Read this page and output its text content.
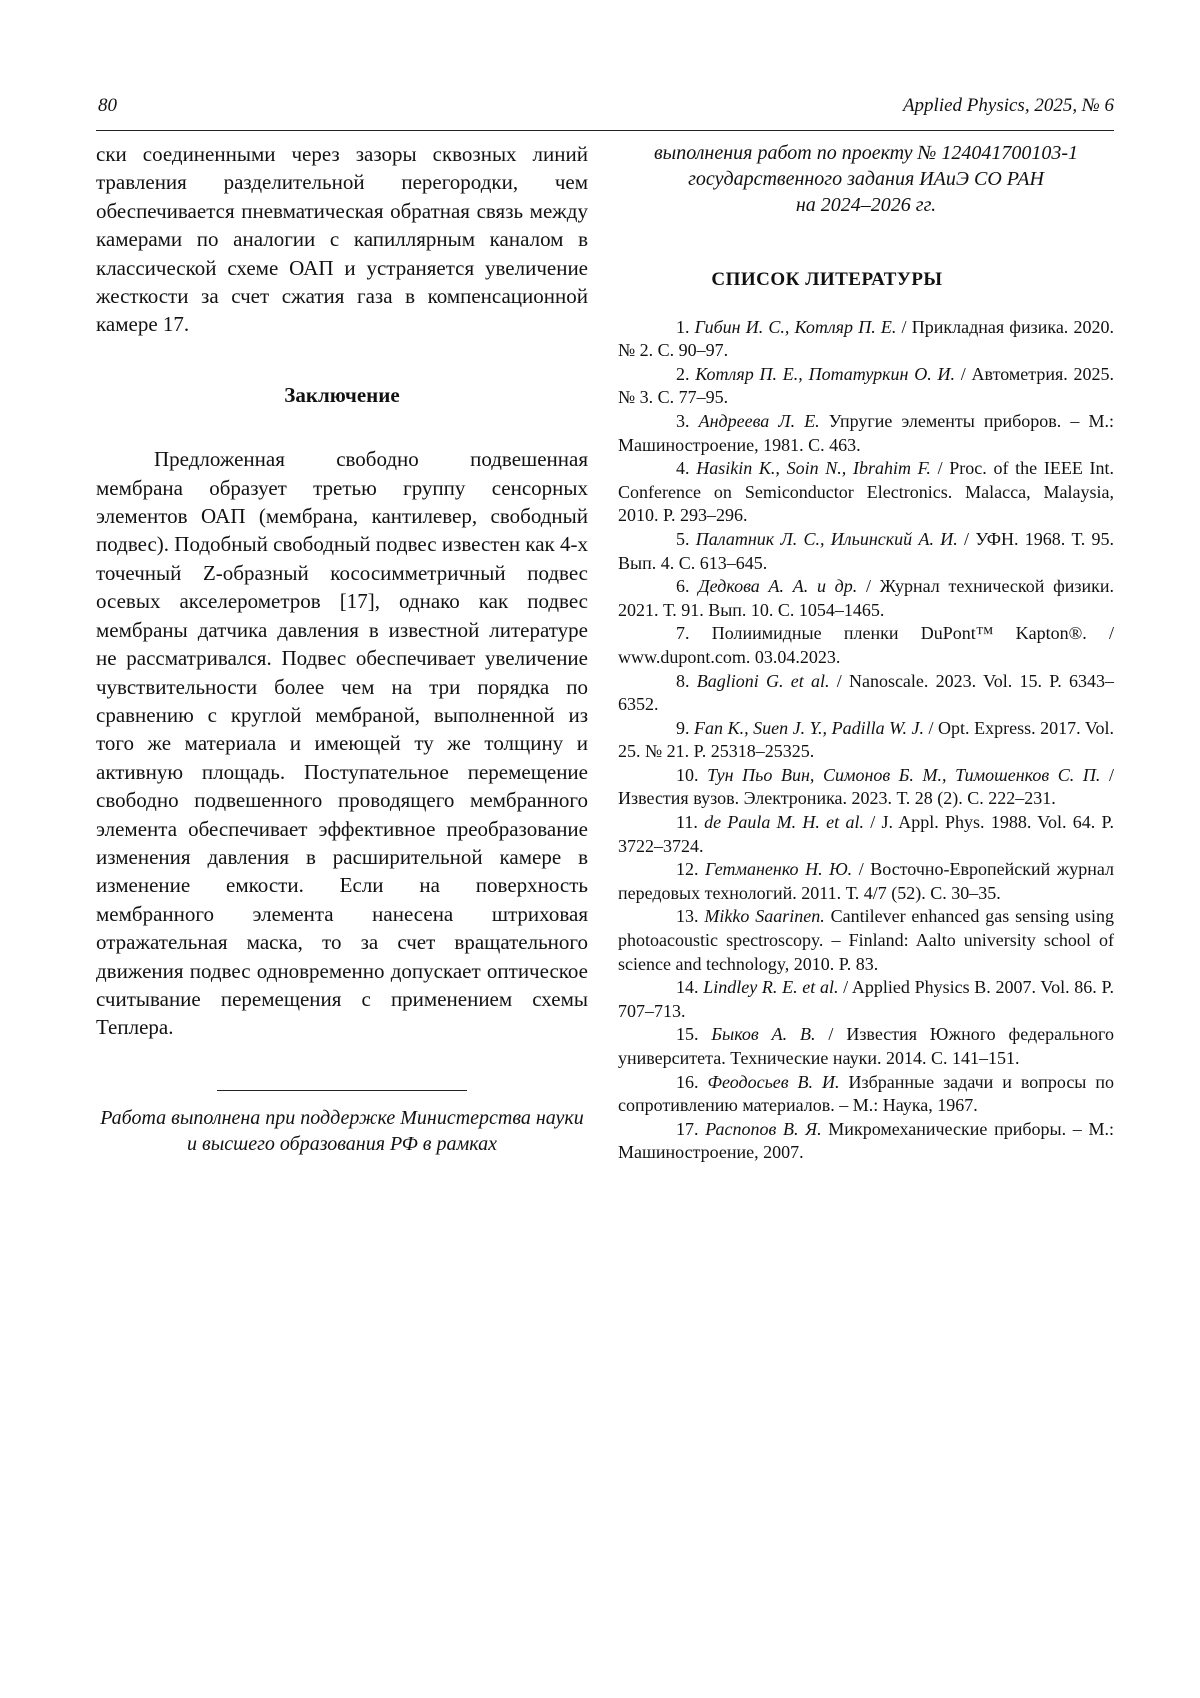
80	Applied Physics, 2025, № 6

ски соединенными через зазоры сквозных линий травления разделительной перегородки, чем обеспечивается пневматическая обратная связь между камерами по аналогии с капиллярным каналом в классической схеме ОАП и устраняется увеличение жесткости за счет сжатия газа в компенсационной камере 17.

Заключение

Предложенная свободно подвешенная мембрана образует третью группу сенсорных элементов ОАП (мембрана, кантилевер, свободный подвес). Подобный свободный подвес известен как 4-х точечный Z-образный кососимметричный подвес осевых акселерометров [17], однако как подвес мембраны датчика давления в известной литературе не рассматривался. Подвес обеспечивает увеличение чувствительности более чем на три порядка по сравнению с круглой мембраной, выполненной из того же материала и имеющей ту же толщину и активную площадь. Поступательное перемещение свободно подвешенного проводящего мембранного элемента обеспечивает эффективное преобразование изменения давления в расширительной камере в изменение емкости. Если на поверхность мембранного элемента нанесена штриховая отражательная маска, то за счет вращательного движения подвес одновременно допускает оптическое считывание перемещения с применением схемы Теплера.

Работа выполнена при поддержке Министерства науки и высшего образования РФ в рамках

выполнения работ по проекту № 124041700103-1
государственного задания ИАиЭ СО РАН
на 2024–2026 гг.
СПИСОК ЛИТЕРАТУРЫ

1. Гибин И. С., Котляр П. Е. / Прикладная физика. 2020. № 2. С. 90–97.

2. Котляр П. Е., Потатуркин О. И. / Автометрия. 2025. № 3. С. 77–95.

3. Андреева Л. Е. Упругие элементы приборов. – М.: Машиностроение, 1981. С. 463.

4. Hasikin K., Soin N., Ibrahim F. / Proc. of the IEEE Int. Conference on Semiconductor Electronics. Malacca, Malaysia, 2010. P. 293–296.

5. Палатник Л. С., Ильинский А. И. / УФН. 1968. Т. 95. Вып. 4. С. 613–645.

6. Дедкова А. А. и др. / Журнал технической физики. 2021. Т. 91. Вып. 10. С. 1054–1465.

7. Полиимидные пленки DuPont™ Kapton®. / www.dupont.com. 03.04.2023.

8. Baglioni G. et al. / Nanoscale. 2023. Vol. 15. P. 6343–6352.

9. Fan K., Suen J. Y., Padilla W. J. / Opt. Express. 2017. Vol. 25. № 21. P. 25318–25325.

10. Тун Пьо Вин, Симонов Б. М., Тимошенков С. П. / Известия вузов. Электроника. 2023. Т. 28 (2). С. 222–231.

11. de Paula M. H. et al. / J. Appl. Phys. 1988. Vol. 64. P. 3722–3724.

12. Гетманенко Н. Ю. / Восточно-Европейский журнал передовых технологий. 2011. Т. 4/7 (52). С. 30–35.

13. Mikko Saarinen. Cantilever enhanced gas sensing using photoacoustic spectroscopy. – Finland: Aalto university school of science and technology, 2010. P. 83.

14. Lindley R. E. et al. / Applied Physics B. 2007. Vol. 86. P. 707–713.

15. Быков А. В. / Известия Южного федерального университета. Технические науки. 2014. С. 141–151.

16. Феодосьев В. И. Избранные задачи и вопросы по сопротивлению материалов. – М.: Наука, 1967.

17. Распопов В. Я. Микромеханические приборы. – М.: Машиностроение, 2007.
